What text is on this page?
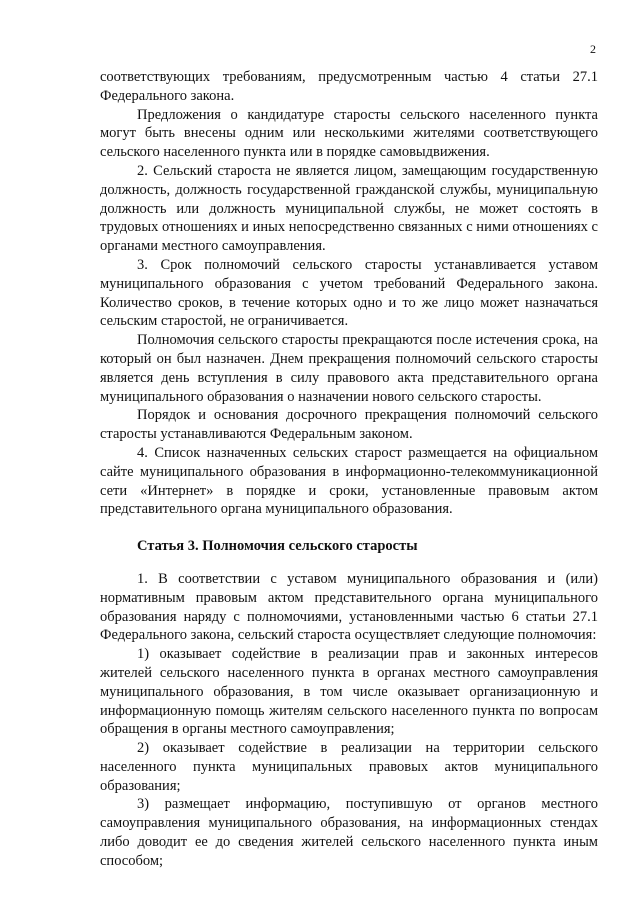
2

соответствующих требованиям, предусмотренным частью 4 статьи 27.1 Федерального закона.

Предложения о кандидатуре старосты сельского населенного пункта могут быть внесены одним или несколькими жителями соответствующего сельского населенного пункта или в порядке самовыдвижения.

2. Сельский староста не является лицом, замещающим государственную должность, должность государственной гражданской службы, муниципальную должность или должность муниципальной службы, не может состоять в трудовых отношениях и иных непосредственно связанных с ними отношениях с органами местного самоуправления.

3. Срок полномочий сельского старосты устанавливается уставом муниципального образования с учетом требований Федерального закона. Количество сроков, в течение которых одно и то же лицо может назначаться сельским старостой, не ограничивается.

Полномочия сельского старосты прекращаются после истечения срока, на который он был назначен. Днем прекращения полномочий сельского старосты является день вступления в силу правового акта представительного органа муниципального образования о назначении нового сельского старосты.

Порядок и основания досрочного прекращения полномочий сельского старосты устанавливаются Федеральным законом.

4. Список назначенных сельских старост размещается на официальном сайте муниципального образования в информационно-телекоммуникационной сети «Интернет» в порядке и сроки, установленные правовым актом представительного органа муниципального образования.

Статья 3. Полномочия сельского старосты

1. В соответствии с уставом муниципального образования и (или) нормативным правовым актом представительного органа муниципального образования наряду с полномочиями, установленными частью 6 статьи 27.1 Федерального закона, сельский староста осуществляет следующие полномочия:

1) оказывает содействие в реализации прав и законных интересов жителей сельского населенного пункта в органах местного самоуправления муниципального образования, в том числе оказывает организационную и информационную помощь жителям сельского населенного пункта по вопросам обращения в органы местного самоуправления;

2) оказывает содействие в реализации на территории сельского населенного пункта муниципальных правовых актов муниципального образования;

3) размещает информацию, поступившую от органов местного самоуправления муниципального образования, на информационных стендах либо доводит ее до сведения жителей сельского населенного пункта иным способом;
